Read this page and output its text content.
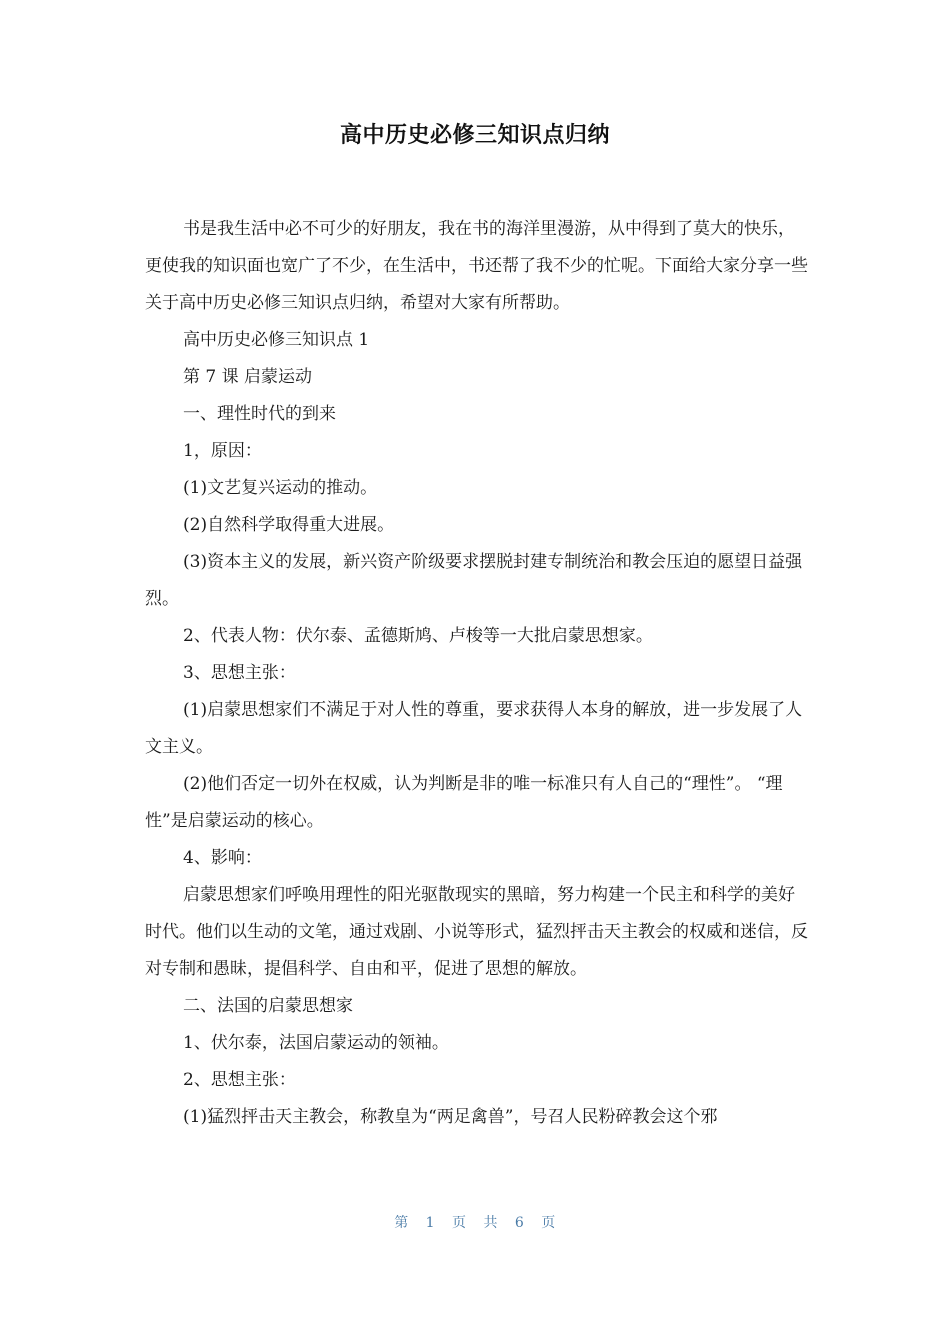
高中历史必修三知识点归纳

书是我生活中必不可少的好朋友，我在书的海洋里漫游，从中得到了莫大的快乐，更使我的知识面也宽广了不少，在生活中，书还帮了我不少的忙呢。下面给大家分享一些关于高中历史必修三知识点归纳，希望对大家有所帮助。

高中历史必修三知识点 1

第 7 课 启蒙运动

一、理性时代的到来

1，原因：

(1)文艺复兴运动的推动。

(2)自然科学取得重大进展。

(3)资本主义的发展，新兴资产阶级要求摆脱封建专制统治和教会压迫的愿望日益强烈。

2、代表人物：伏尔泰、孟德斯鸠、卢梭等一大批启蒙思想家。

3、思想主张：

(1)启蒙思想家们不满足于对人性的尊重，要求获得人本身的解放，进一步发展了人文主义。

(2)他们否定一切外在权威，认为判断是非的唯一标准只有人自己的“理性”。 “理性”是启蒙运动的核心。

4、影响：

启蒙思想家们呼唤用理性的阳光驱散现实的黑暗，努力构建一个民主和科学的美好时代。他们以生动的文笔，通过戏剧、小说等形式，猛烈抨击天主教会的权威和迷信，反对专制和愚昧，提倡科学、自由和平，促进了思想的解放。

二、法国的启蒙思想家

1、伏尔泰，法国启蒙运动的领袖。

2、思想主张：

(1)猛烈抨击天主教会，称教皇为“两足禽兽”，号召人民粉碎教会这个邪

第 1 页 共 6 页
